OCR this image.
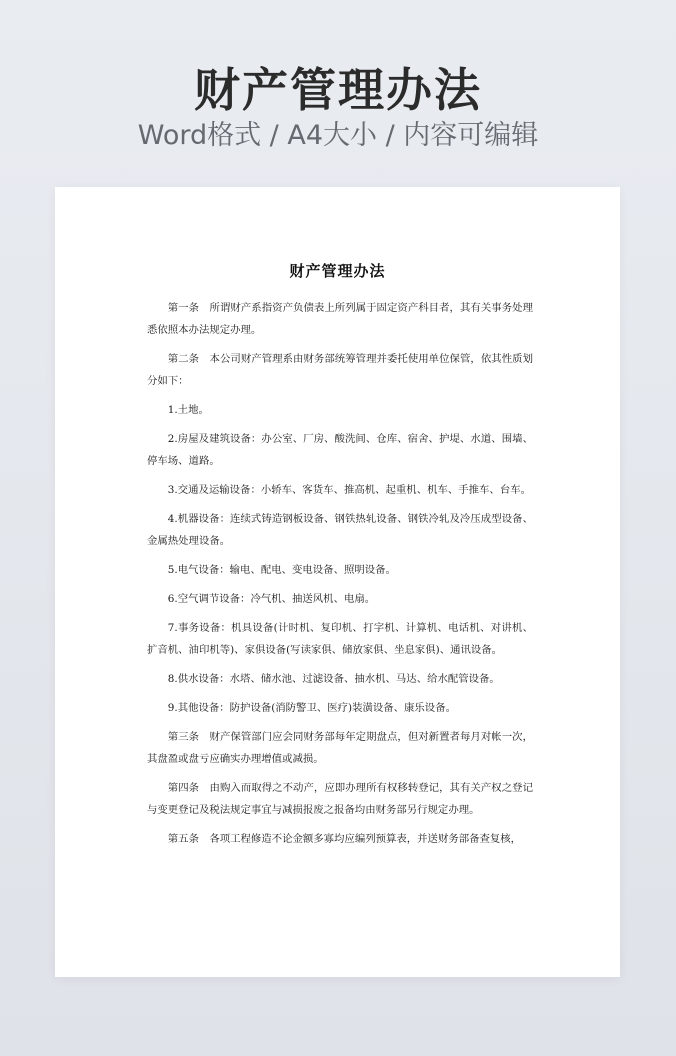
财产管理办法
Word格式 / A4大小 / 内容可编辑
财产管理办法

第一条　所谓财产系指资产负债表上所列属于固定资产科目者，其有关事务处理悉依照本办法规定办理。

第二条　本公司财产管理系由财务部统筹管理并委托使用单位保管，依其性质划分如下：

1.土地。

2.房屋及建筑设备：办公室、厂房、酸洗间、仓库、宿舍、护堤、水道、围墙、停车场、道路。

3.交通及运输设备：小轿车、客货车、推高机、起重机、机车、手推车、台车。

4.机器设备：连续式铸造钢板设备、钢铁热轧设备、钢铁冷轧及冷压成型设备、金属热处理设备。

5.电气设备：输电、配电、变电设备、照明设备。

6.空气调节设备：冷气机、抽送风机、电扇。

7.事务设备：机具设备(计时机、复印机、打字机、计算机、电话机、对讲机、扩音机、油印机等)、家俱设备(写读家俱、储放家俱、坐息家俱)、通讯设备。

8.供水设备：水塔、储水池、过滤设备、抽水机、马达、给水配管设备。

9.其他设备：防护设备(消防警卫、医疗)装潢设备、康乐设备。

第三条　财产保管部门应会同财务部每年定期盘点，但对新置者每月对帐一次，其盘盈或盘亏应确实办理增值或减损。

第四条　由购入而取得之不动产，应即办理所有权移转登记，其有关产权之登记与变更登记及税法规定事宜与减损报废之报备均由财务部另行规定办理。

第五条　各项工程修造不论金额多寡均应编列预算表，并送财务部备查复核，
